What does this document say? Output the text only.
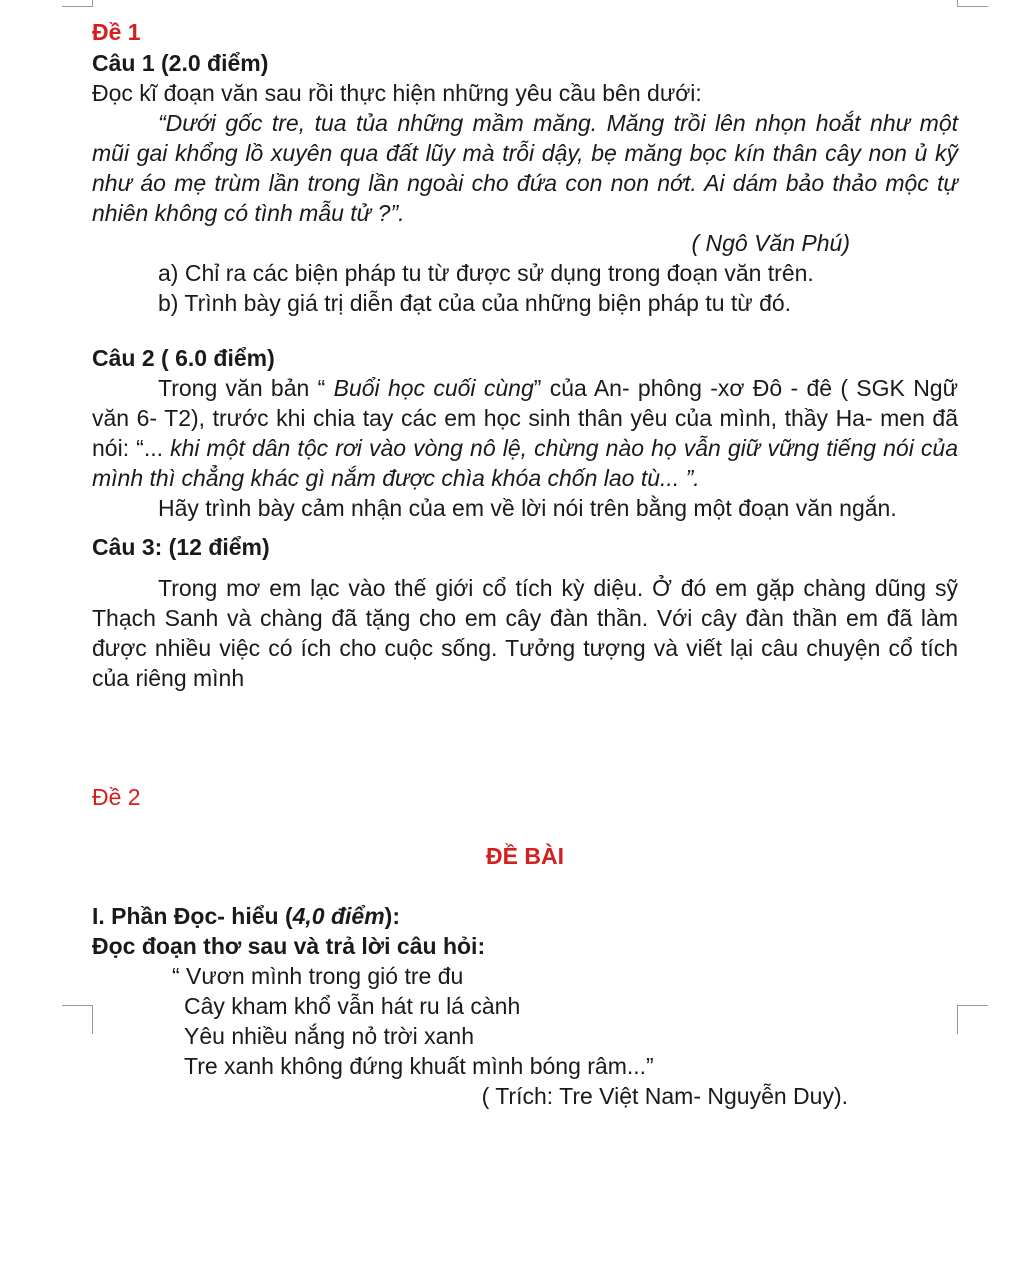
Đề 1

Câu 1 (2.0 điểm)

Đọc kĩ đoạn văn sau rồi thực hiện những yêu cầu bên dưới:

“Dưới gốc tre, tua tủa những mầm măng. Măng trồi lên nhọn hoắt như một mũi gai khổng lồ xuyên qua đất lũy mà trỗi dậy, bẹ măng bọc kín thân cây non ủ kỹ như áo mẹ trùm lần trong lần ngoài cho đứa con non nớt. Ai dám bảo thảo mộc tự nhiên không có tình mẫu tử ?”.

( Ngô Văn Phú)

a) Chỉ ra các biện pháp tu từ được sử dụng trong đoạn văn trên.

b) Trình bày giá trị diễn đạt của của những biện pháp tu từ đó.

Câu 2 ( 6.0 điểm)

Trong văn bản “ Buổi học cuối cùng” của An- phông -xơ Đô - đê ( SGK Ngữ văn 6- T2), trước khi chia tay các em học sinh thân yêu của mình, thầy Ha- men đã nói: “... khi một dân tộc rơi vào vòng nô lệ, chừng nào họ vẫn giữ vững tiếng nói của mình thì chẳng khác gì nắm được chìa khóa chốn lao tù... ”.

Hãy trình bày cảm nhận của em về lời nói trên bằng một đoạn văn ngắn.

Câu 3: (12 điểm)

Trong mơ em lạc vào thế giới cổ tích kỳ diệu. Ở đó em gặp chàng dũng sỹ Thạch Sanh và chàng đã tặng cho em cây đàn thần. Với cây đàn thần em đã làm được nhiều việc có ích cho cuộc sống. Tưởng tượng và viết lại câu chuyện cổ tích của riêng mình

Đề 2

ĐỀ BÀI

I. Phần Đọc- hiểu (4,0 điểm):

Đọc đoạn thơ sau và trả lời câu hỏi:

“ Vươn mình trong gió tre đu

Cây kham khổ vẫn hát ru lá cành

Yêu nhiều nắng nỏ trời xanh

Tre xanh không đứng khuất mình bóng râm...”

( Trích: Tre Việt Nam- Nguyễn Duy).
